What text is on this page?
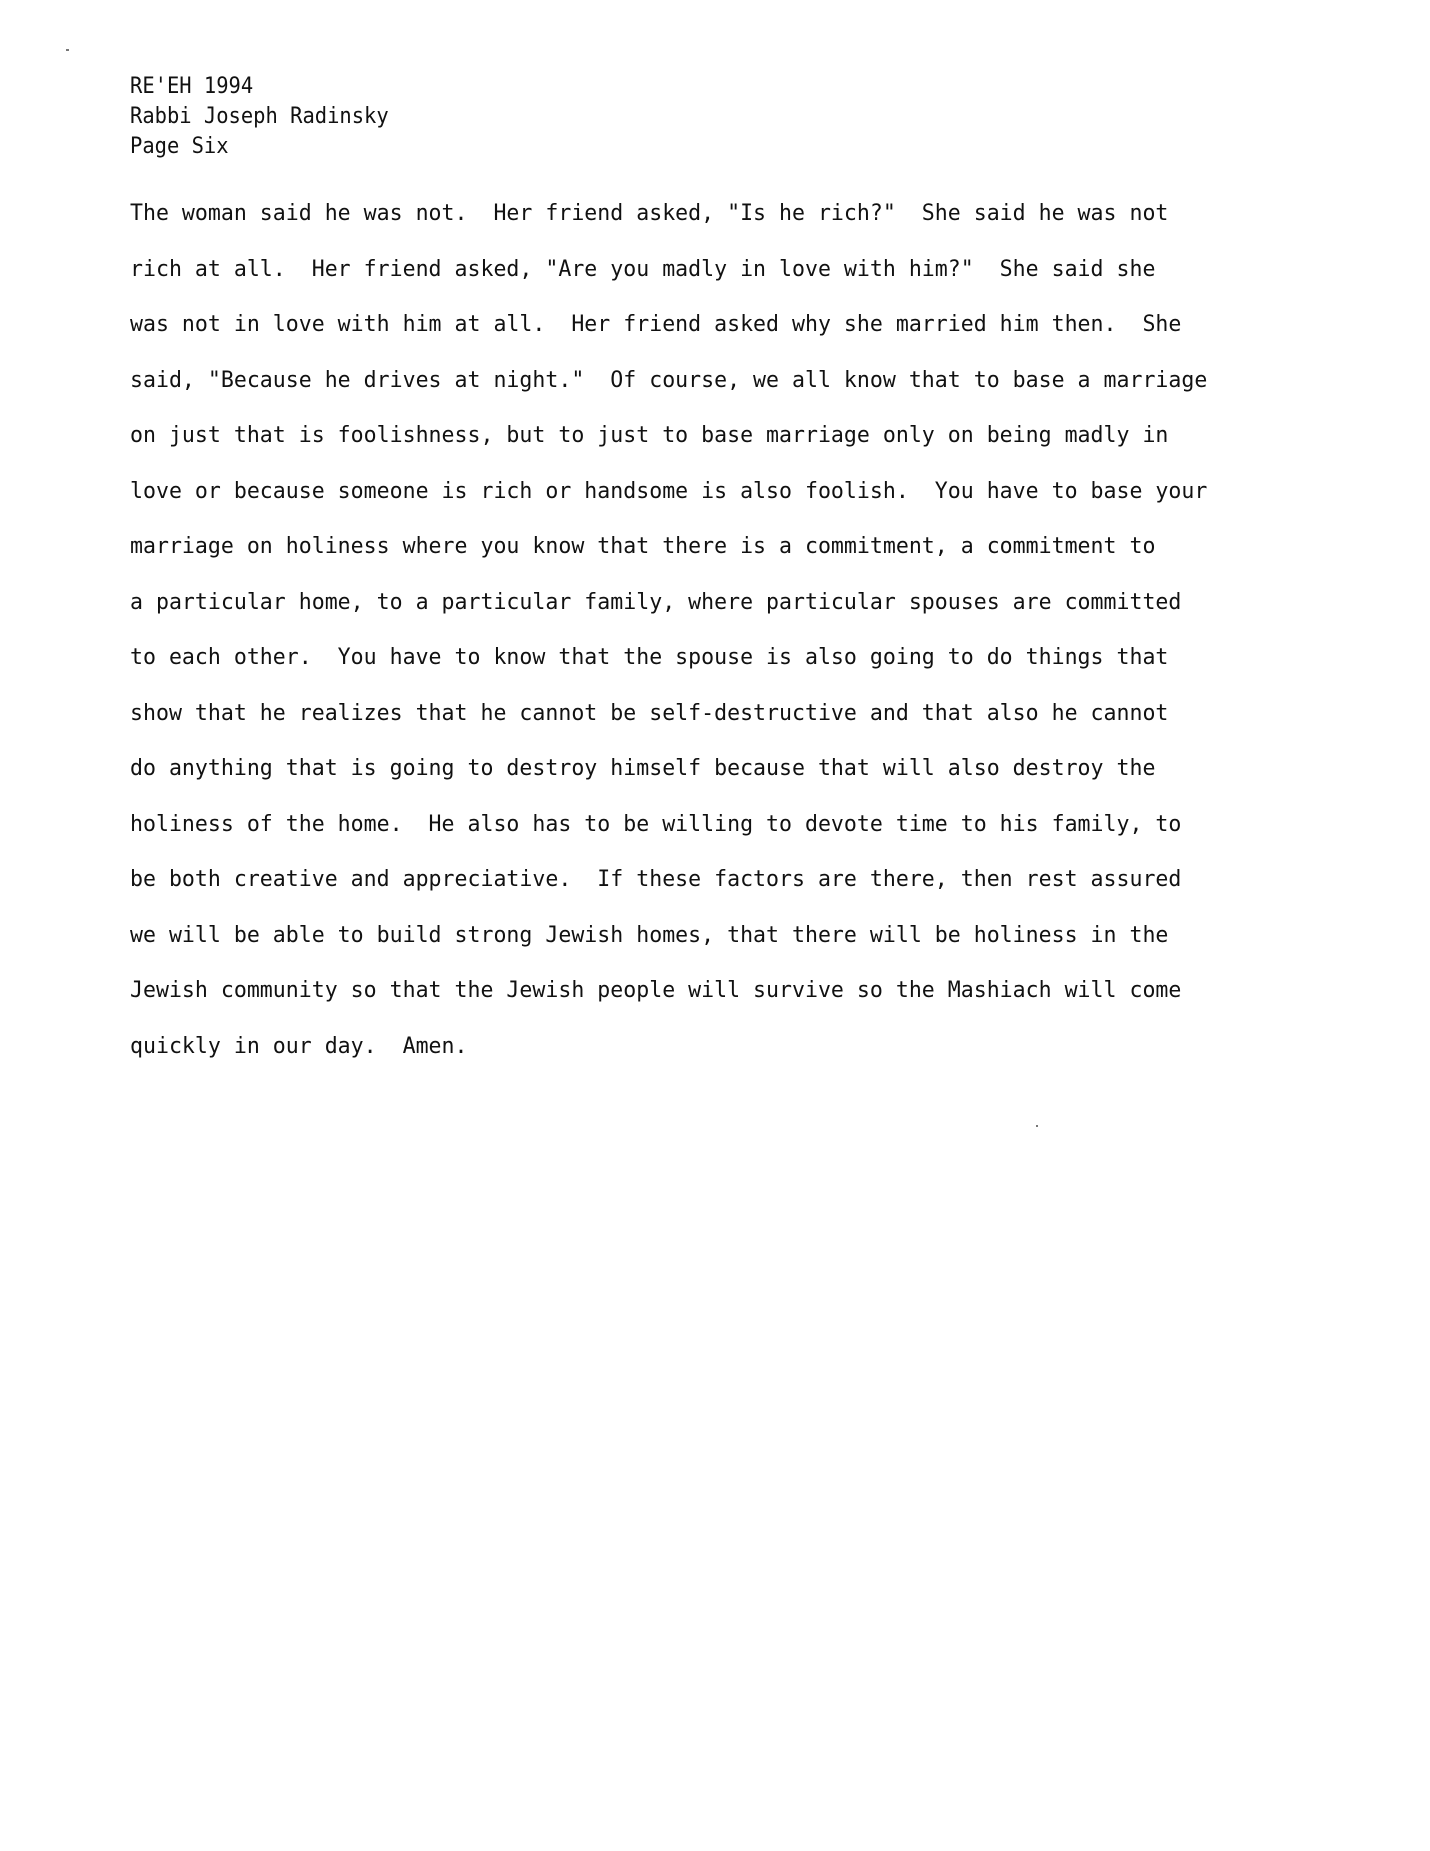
RE'EH 1994
Rabbi Joseph Radinsky
Page Six
The woman said he was not.  Her friend asked, "Is he rich?"  She said he was not
rich at all.  Her friend asked, "Are you madly in love with him?"  She said she
was not in love with him at all.  Her friend asked why she married him then.  She
said, "Because he drives at night."  Of course, we all know that to base a marriage
on just that is foolishness, but to just to base marriage only on being madly in
love or because someone is rich or handsome is also foolish.  You have to base your
marriage on holiness where you know that there is a commitment, a commitment to
a particular home, to a particular family, where particular spouses are committed
to each other.  You have to know that the spouse is also going to do things that
show that he realizes that he cannot be self-destructive and that also he cannot
do anything that is going to destroy himself because that will also destroy the
holiness of the home.  He also has to be willing to devote time to his family, to
be both creative and appreciative.  If these factors are there, then rest assured
we will be able to build strong Jewish homes, that there will be holiness in the
Jewish community so that the Jewish people will survive so the Mashiach will come
quickly in our day.  Amen.
